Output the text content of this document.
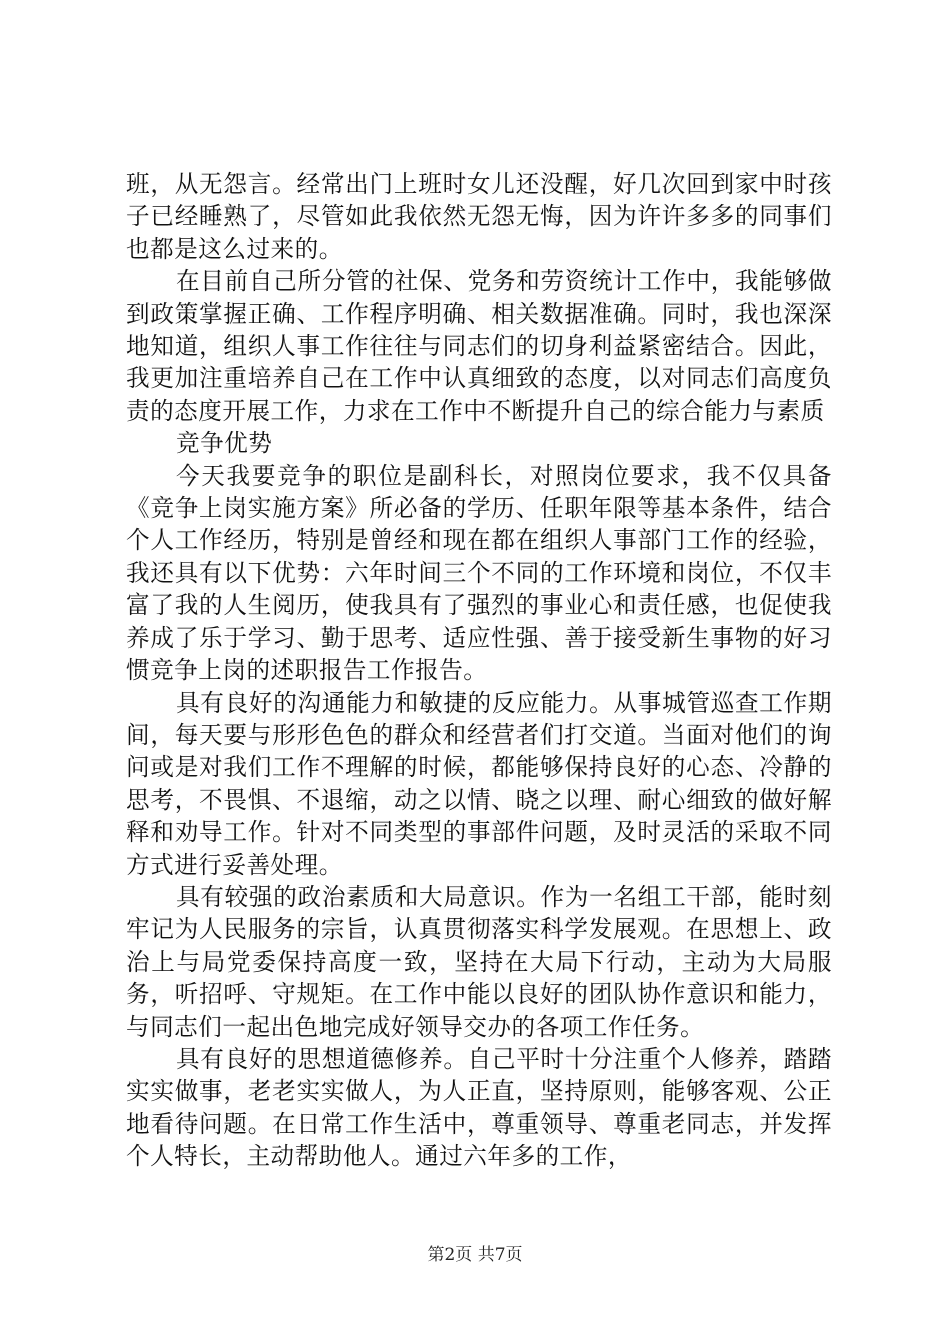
班，从无怨言。经常出门上班时女儿还没醒，好几次回到家中时孩子已经睡熟了，尽管如此我依然无怨无悔，因为许许多多的同事们也都是这么过来的。

在目前自己所分管的社保、党务和劳资统计工作中，我能够做到政策掌握正确、工作程序明确、相关数据准确。同时，我也深深地知道，组织人事工作往往与同志们的切身利益紧密结合。因此，我更加注重培养自己在工作中认真细致的态度，以对同志们高度负责的态度开展工作，力求在工作中不断提升自己的综合能力与素质

竞争优势

今天我要竞争的职位是副科长，对照岗位要求，我不仅具备《竞争上岗实施方案》所必备的学历、任职年限等基本条件，结合个人工作经历，特别是曾经和现在都在组织人事部门工作的经验，我还具有以下优势：六年时间三个不同的工作环境和岗位，不仅丰富了我的人生阅历，使我具有了强烈的事业心和责任感，也促使我养成了乐于学习、勤于思考、适应性强、善于接受新生事物的好习惯竞争上岗的述职报告工作报告。

具有良好的沟通能力和敏捷的反应能力。从事城管巡查工作期间，每天要与形形色色的群众和经营者们打交道。当面对他们的询问或是对我们工作不理解的时候，都能够保持良好的心态、冷静的思考，不畏惧、不退缩，动之以情、晓之以理、耐心细致的做好解释和劝导工作。针对不同类型的事部件问题，及时灵活的采取不同方式进行妥善处理。

具有较强的政治素质和大局意识。作为一名组工干部，能时刻牢记为人民服务的宗旨，认真贯彻落实科学发展观。在思想上、政治上与局党委保持高度一致，坚持在大局下行动，主动为大局服务，听招呼、守规矩。在工作中能以良好的团队协作意识和能力，与同志们一起出色地完成好领导交办的各项工作任务。

具有良好的思想道德修养。自己平时十分注重个人修养，踏踏实实做事，老老实实做人，为人正直，坚持原则，能够客观、公正地看待问题。在日常工作生活中，尊重领导、尊重老同志，并发挥个人特长，主动帮助他人。通过六年多的工作，

第2页 共7页
